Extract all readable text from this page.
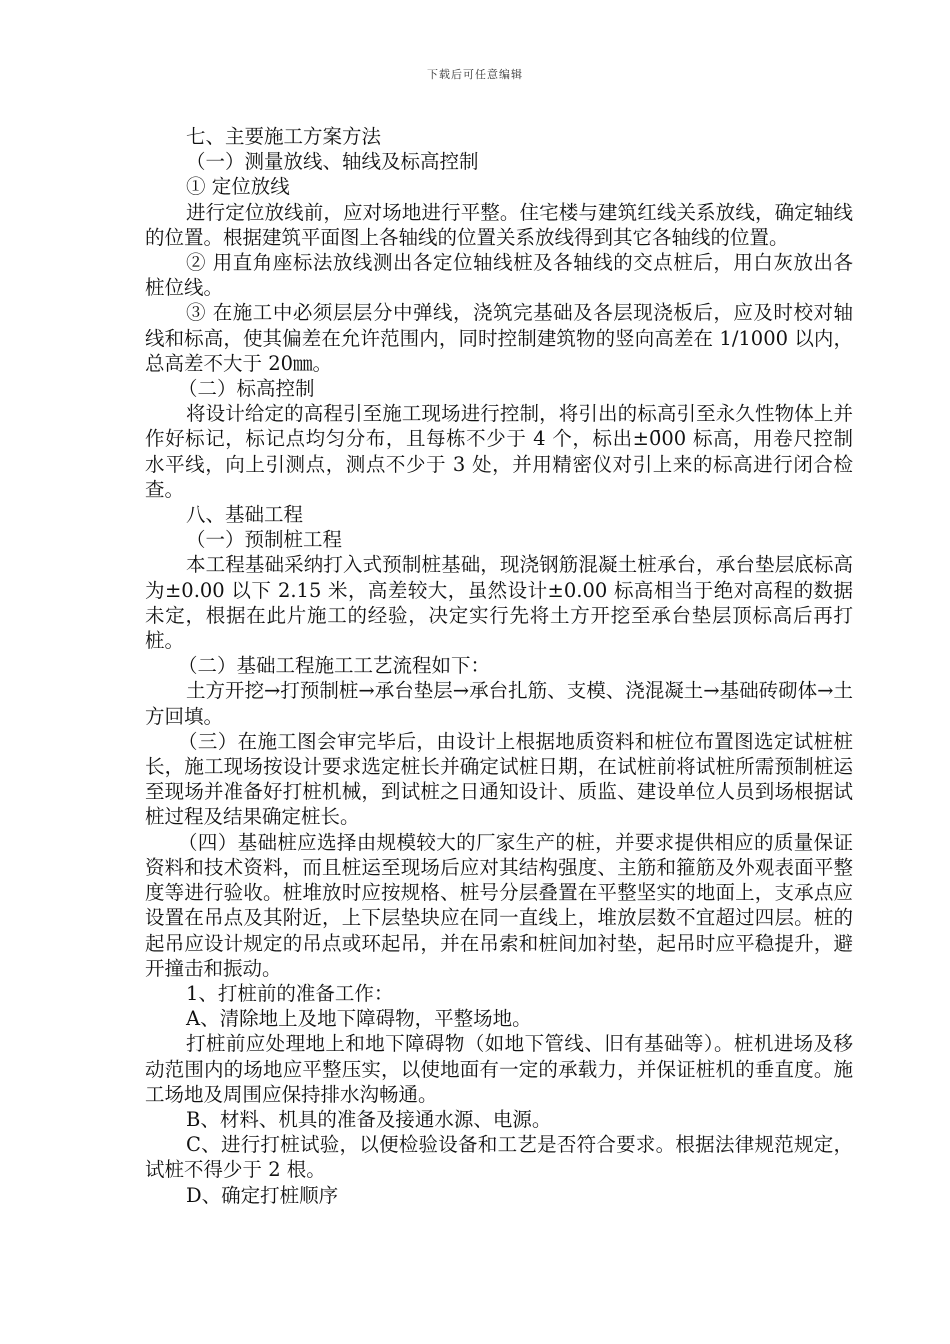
下载后可任意编辑

七、主要施工方案方法

（一）测量放线、轴线及标高控制

① 定位放线

进行定位放线前，应对场地进行平整。住宅楼与建筑红线关系放线，确定轴线的位置。根据建筑平面图上各轴线的位置关系放线得到其它各轴线的位置。

② 用直角座标法放线测出各定位轴线桩及各轴线的交点桩后，用白灰放出各桩位线。

③ 在施工中必须层层分中弹线，浇筑完基础及各层现浇板后，应及时校对轴线和标高，使其偏差在允许范围内，同时控制建筑物的竖向高差在 1/1000 以内，总高差不大于 20㎜。

（二）标高控制

将设计给定的高程引至施工现场进行控制，将引出的标高引至永久性物体上并作好标记，标记点均匀分布，且每栋不少于 4 个，标出±0̄00 标高，用卷尺控制水平线，向上引测点，测点不少于 3 处，并用精密仪对引上来的标高进行闭合检查。

八、基础工程

（一）预制桩工程

本工程基础采纳打入式预制桩基础，现浇钢筋混凝土桩承台，承台垫层底标高为±0.00 以下 2.15 米，高差较大，虽然设计±0.00 标高相当于绝对高程的数据未定，根据在此片施工的经验，决定实行先将土方开挖至承台垫层顶标高后再打桩。

（二）基础工程施工工艺流程如下：

土方开挖→打预制桩→承台垫层→承台扎筋、支模、浇混凝土→基础砖砌体→土方回填。

（三）在施工图会审完毕后，由设计上根据地质资料和桩位布置图选定试桩桩长，施工现场按设计要求选定桩长并确定试桩日期，在试桩前将试桩所需预制桩运至现场并准备好打桩机械，到试桩之日通知设计、质监、建设单位人员到场根据试桩过程及结果确定桩长。

（四）基础桩应选择由规模较大的厂家生产的桩，并要求提供相应的质量保证资料和技术资料，而且桩运至现场后应对其结构强度、主筋和箍筋及外观表面平整度等进行验收。桩堆放时应按规格、桩号分层叠置在平整坚实的地面上，支承点应设置在吊点及其附近，上下层垫块应在同一直线上，堆放层数不宜超过四层。桩的起吊应设计规定的吊点或环起吊，并在吊索和桩间加衬垫，起吊时应平稳提升，避开撞击和振动。

1、打桩前的准备工作：

A、清除地上及地下障碍物，平整场地。

打桩前应处理地上和地下障碍物（如地下管线、旧有基础等）。桩机进场及移动范围内的场地应平整压实，以使地面有一定的承载力，并保证桩机的垂直度。施工场地及周围应保持排水沟畅通。

B、材料、机具的准备及接通水源、电源。

C、进行打桩试验，以便检验设备和工艺是否符合要求。根据法律规范规定，试桩不得少于 2 根。

D、确定打桩顺序
